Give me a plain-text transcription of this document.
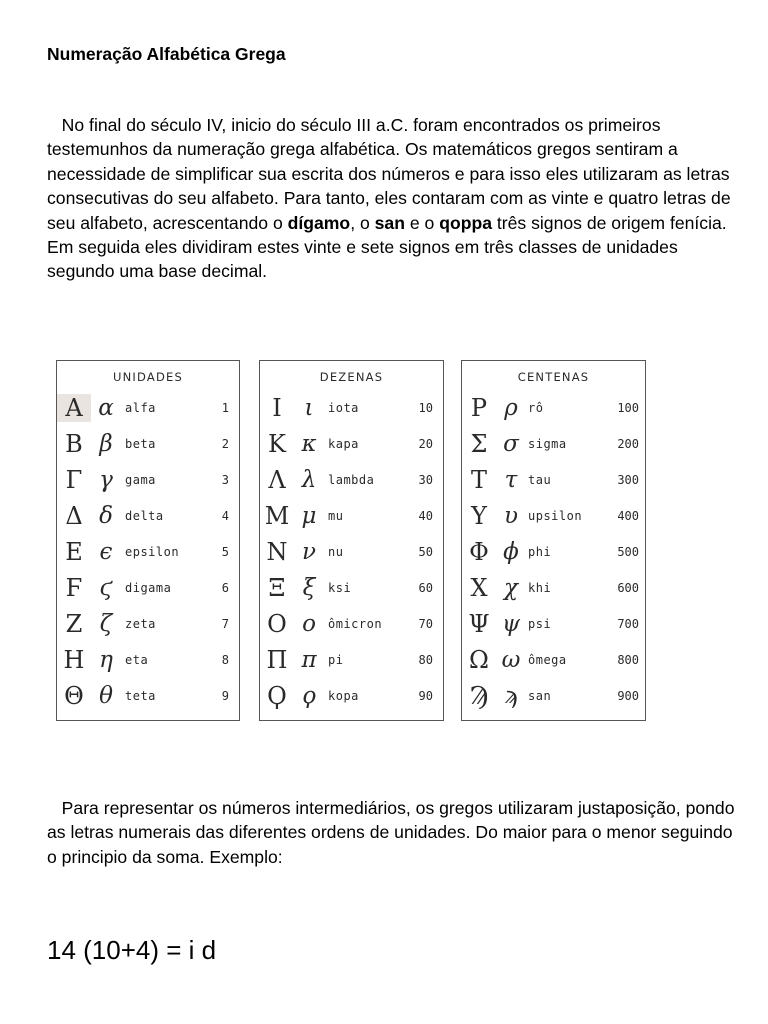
Numeração Alfabética Grega
No final do século IV, inicio do século III a.C. foram encontrados os primeiros testemunhos da numeração grega alfabética. Os matemáticos gregos sentiram a necessidade de simplificar sua escrita dos números e para isso eles utilizaram as letras consecutivas do seu alfabeto. Para tanto, eles contaram com as vinte e quatro letras de seu alfabeto, acrescentando o dígamo, o san e o qoppa três signos de origem fenícia. Em seguida eles dividiram estes vinte e sete signos em três classes de unidades segundo uma base decimal.
UNIDADES
Α α alfa	1
Β β	beta	2
Γ γ	gama	3
Δ δ	delta	4
Ε ϵ	epsilon	5
Ϝ ϛ	digama	6
Ζ ζ	zeta	7
Η η	eta	8
Θ θ	teta	9
DEZENAS
Ι ι	iota	10
Κ κ kapa	20
Λ λ lambda	30
Μ μ mu	40
Ν ν	nu	50
Ξ ξ	ksi	60
Ο ο	ômicron	70
Π π pi	80
Ϙ ϙ	kopa	90
CENTENAS
Ρ ρ rô	100
Σ σ sigma	200
Τ τ tau	300
Υ υ upsilon	400
Φ ϕ phi	500
Χ χ khi	600
Ψ ψ psi	700
Ω ω ômega	800
Ϡ ϡ san	900
Para representar os números intermediários, os gregos utilizaram justaposição, pondo as letras numerais das diferentes ordens de unidades. Do maior para o menor seguindo o principio da soma. Exemplo:
14 (10+4) = i d
